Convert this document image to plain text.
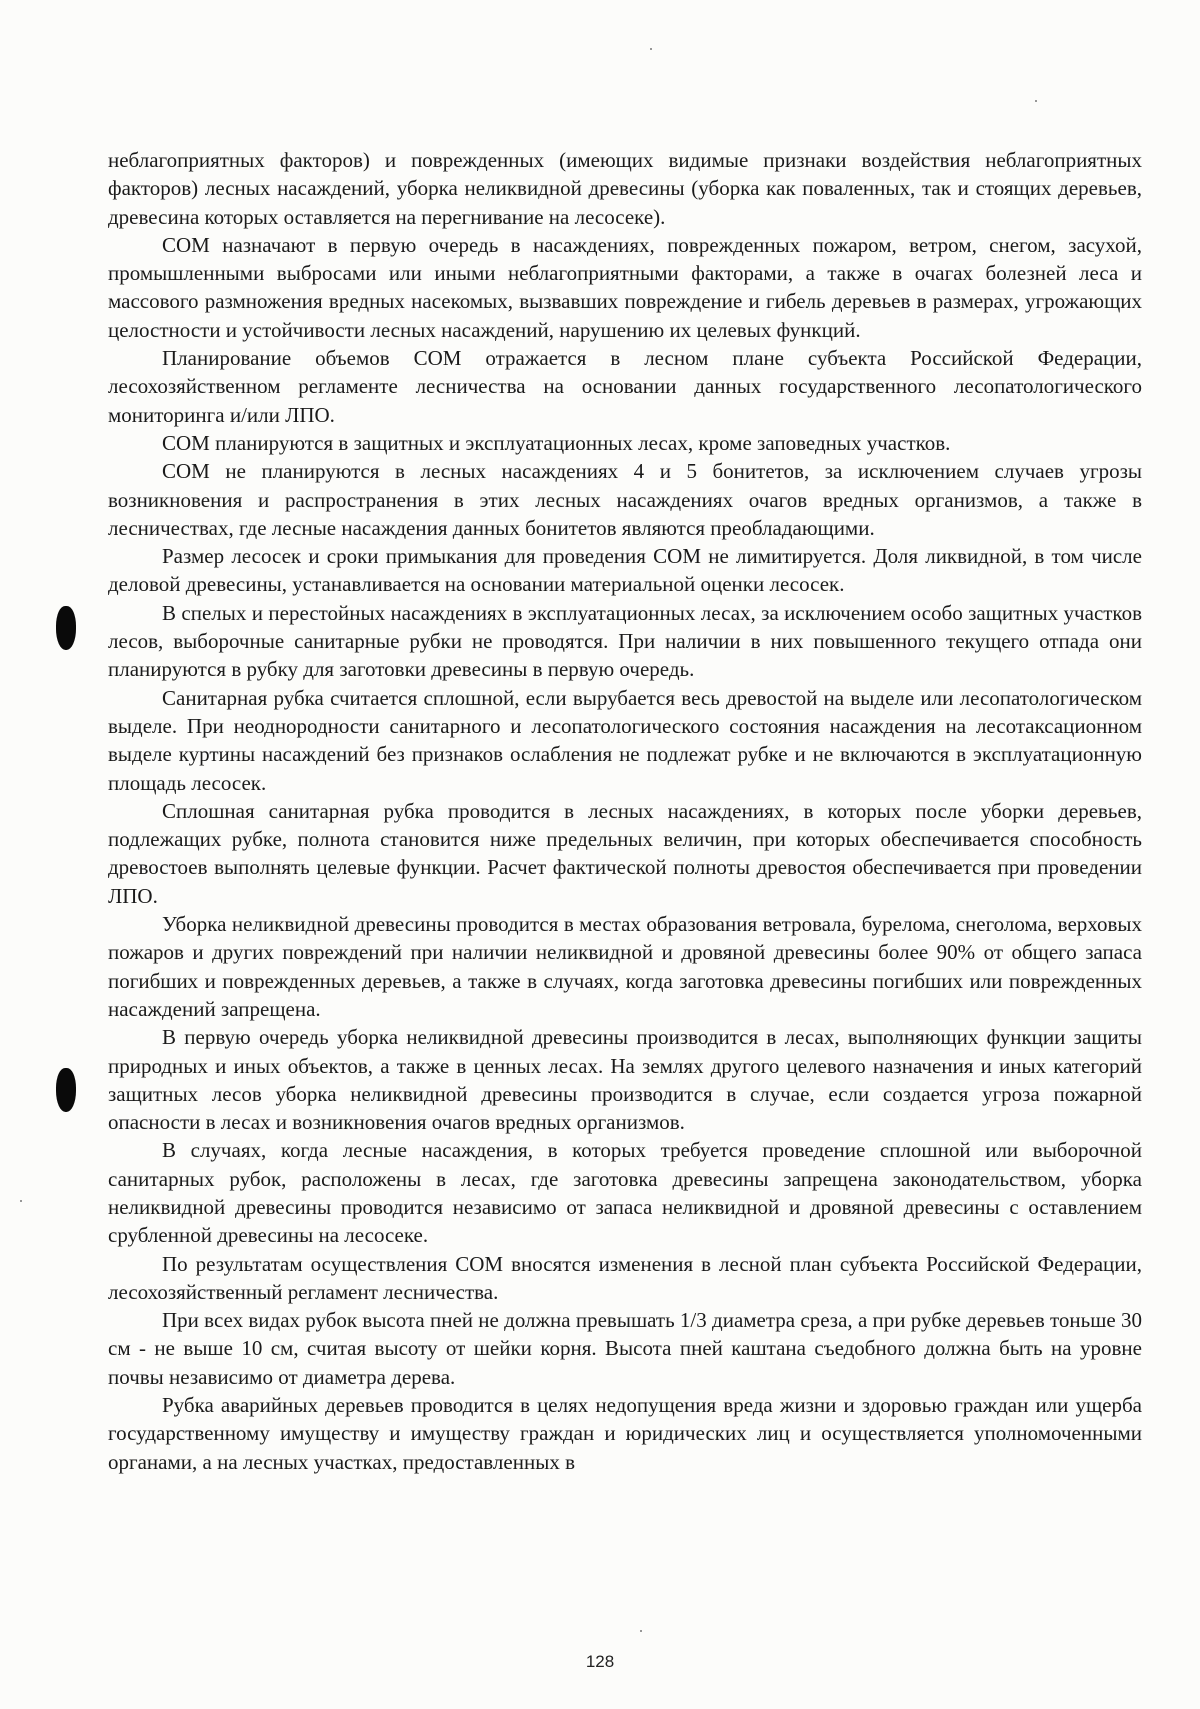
неблагоприятных факторов) и поврежденных (имеющих видимые признаки воздействия неблагоприятных факторов) лесных насаждений, уборка неликвидной древесины (уборка как поваленных, так и стоящих деревьев, древесина которых оставляется на перегнивание на лесосеке).

СОМ назначают в первую очередь в насаждениях, поврежденных пожаром, ветром, снегом, засухой, промышленными выбросами или иными неблагоприятными факторами, а также в очагах болезней леса и массового размножения вредных насекомых, вызвавших повреждение и гибель деревьев в размерах, угрожающих целостности и устойчивости лесных насаждений, нарушению их целевых функций.

Планирование объемов СОМ отражается в лесном плане субъекта Российской Федерации, лесохозяйственном регламенте лесничества на основании данных государственного лесопатологического мониторинга и/или ЛПО.

СОМ планируются в защитных и эксплуатационных лесах, кроме заповедных участков.

СОМ не планируются в лесных насаждениях 4 и 5 бонитетов, за исключением случаев угрозы возникновения и распространения в этих лесных насаждениях очагов вредных организмов, а также в лесничествах, где лесные насаждения данных бонитетов являются преобладающими.

Размер лесосек и сроки примыкания для проведения СОМ не лимитируется. Доля ликвидной, в том числе деловой древесины, устанавливается на основании материальной оценки лесосек.

В спелых и перестойных насаждениях в эксплуатационных лесах, за исключением особо защитных участков лесов, выборочные санитарные рубки не проводятся. При наличии в них повышенного текущего отпада они планируются в рубку для заготовки древесины в первую очередь.

Санитарная рубка считается сплошной, если вырубается весь древостой на выделе или лесопатологическом выделе. При неоднородности санитарного и лесопатологического состояния насаждения на лесотаксационном выделе куртины насаждений без признаков ослабления не подлежат рубке и не включаются в эксплуатационную площадь лесосек.

Сплошная санитарная рубка проводится в лесных насаждениях, в которых после уборки деревьев, подлежащих рубке, полнота становится ниже предельных величин, при которых обеспечивается способность древостоев выполнять целевые функции. Расчет фактической полноты древостоя обеспечивается при проведении ЛПО.

Уборка неликвидной древесины проводится в местах образования ветровала, бурелома, снеголома, верховых пожаров и других повреждений при наличии неликвидной и дровяной древесины более 90% от общего запаса погибших и поврежденных деревьев, а также в случаях, когда заготовка древесины погибших или поврежденных насаждений запрещена.

В первую очередь уборка неликвидной древесины производится в лесах, выполняющих функции защиты природных и иных объектов, а также в ценных лесах. На землях другого целевого назначения и иных категорий защитных лесов уборка неликвидной древесины производится в случае, если создается угроза пожарной опасности в лесах и возникновения очагов вредных организмов.

В случаях, когда лесные насаждения, в которых требуется проведение сплошной или выборочной санитарных рубок, расположены в лесах, где заготовка древесины запрещена законодательством, уборка неликвидной древесины проводится независимо от запаса неликвидной и дровяной древесины с оставлением срубленной древесины на лесосеке.

По результатам осуществления СОМ вносятся изменения в лесной план субъекта Российской Федерации, лесохозяйственный регламент лесничества.

При всех видах рубок высота пней не должна превышать 1/3 диаметра среза, а при рубке деревьев тоньше 30 см - не выше 10 см, считая высоту от шейки корня. Высота пней каштана съедобного должна быть на уровне почвы независимо от диаметра дерева.

Рубка аварийных деревьев проводится в целях недопущения вреда жизни и здоровью граждан или ущерба государственному имуществу и имуществу граждан и юридических лиц и осуществляется уполномоченными органами, а на лесных участках, предоставленных в

128
